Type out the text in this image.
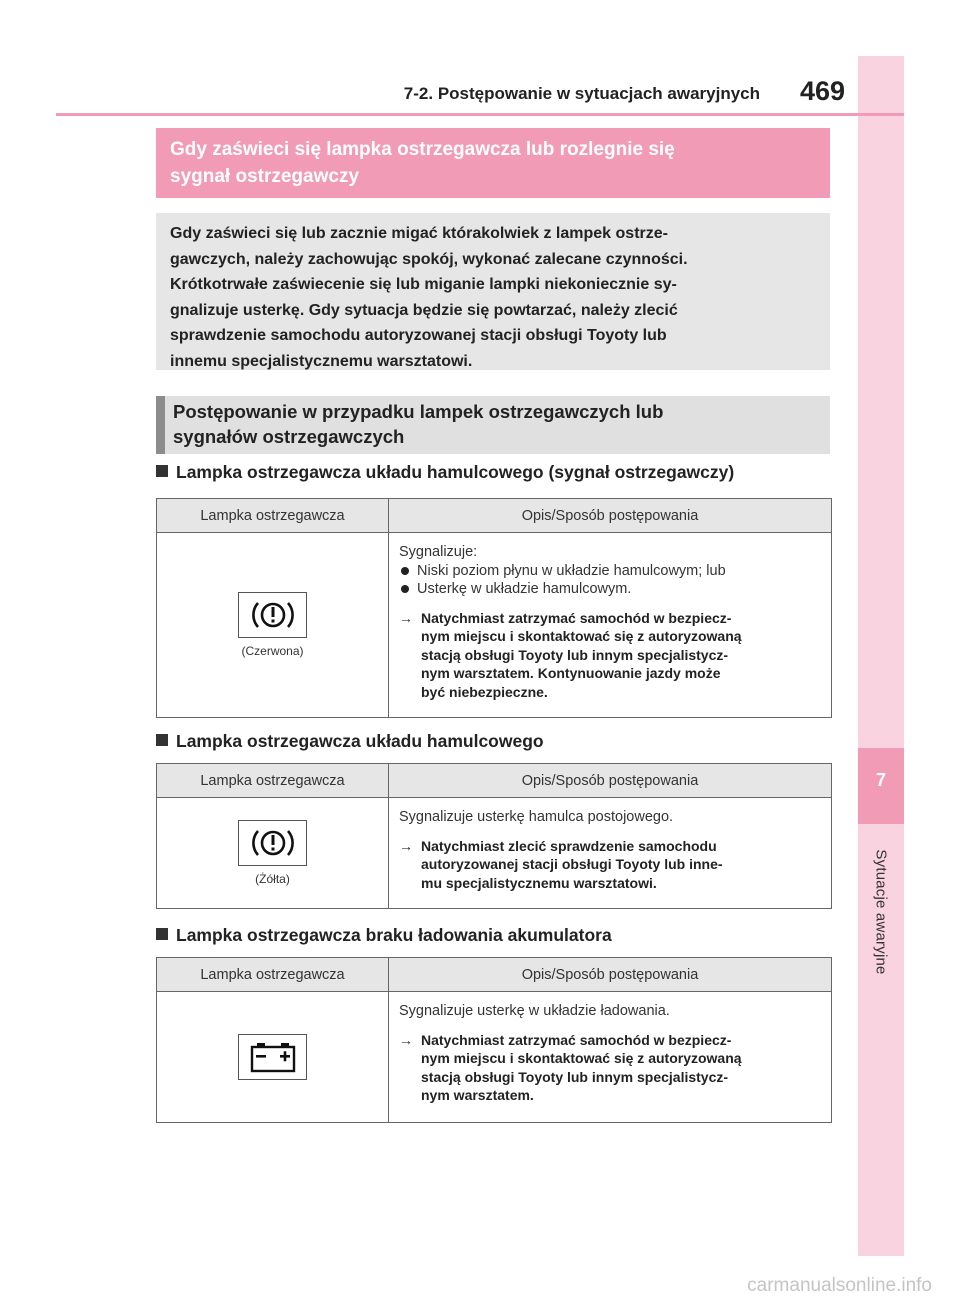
7
Sytuacje awaryjne
7-2. Postępowanie w sytuacjach awaryjnych 469
Gdy zaświeci się lampka ostrzegawcza lub rozlegnie się
sygnał ostrzegawczy
Gdy zaświeci się lub zacznie migać którakolwiek z lampek ostrze-
gawczych, należy zachowując spokój, wykonać zalecane czynności.
Krótkotrwałe zaświecenie się lub miganie lampki niekoniecznie sy-
gnalizuje usterkę. Gdy sytuacja będzie się powtarzać, należy zlecić
sprawdzenie samochodu autoryzowanej stacji obsługi Toyoty lub
innemu specjalistycznemu warsztatowi.
Postępowanie w przypadku lampek ostrzegawczych lub
sygnałów ostrzegawczych
Lampka ostrzegawcza układu hamulcowego (sygnał ostrzegawczy)
Lampka ostrzegawcza	Opis/Sposób postępowania
(Czerwona)
Sygnalizuje:
Niski poziom płynu w układzie hamulcowym; lub
Usterkę w układzie hamulcowym.
→ Natychmiast zatrzymać samochód w bezpiecz-
nym miejscu i skontaktować się z autoryzowaną
stacją obsługi Toyoty lub innym specjalistycz-
nym warsztatem. Kontynuowanie jazdy może
być niebezpieczne.
Lampka ostrzegawcza układu hamulcowego
Lampka ostrzegawcza	Opis/Sposób postępowania
(Żółta)
Sygnalizuje usterkę hamulca postojowego.
→ Natychmiast zlecić sprawdzenie samochodu
autoryzowanej stacji obsługi Toyoty lub inne-
mu specjalistycznemu warsztatowi.
Lampka ostrzegawcza braku ładowania akumulatora
Lampka ostrzegawcza	Opis/Sposób postępowania
Sygnalizuje usterkę w układzie ładowania.
→ Natychmiast zatrzymać samochód w bezpiecz-
nym miejscu i skontaktować się z autoryzowaną
stacją obsługi Toyoty lub innym specjalistycz-
nym warsztatem.
carmanualsonline.info
